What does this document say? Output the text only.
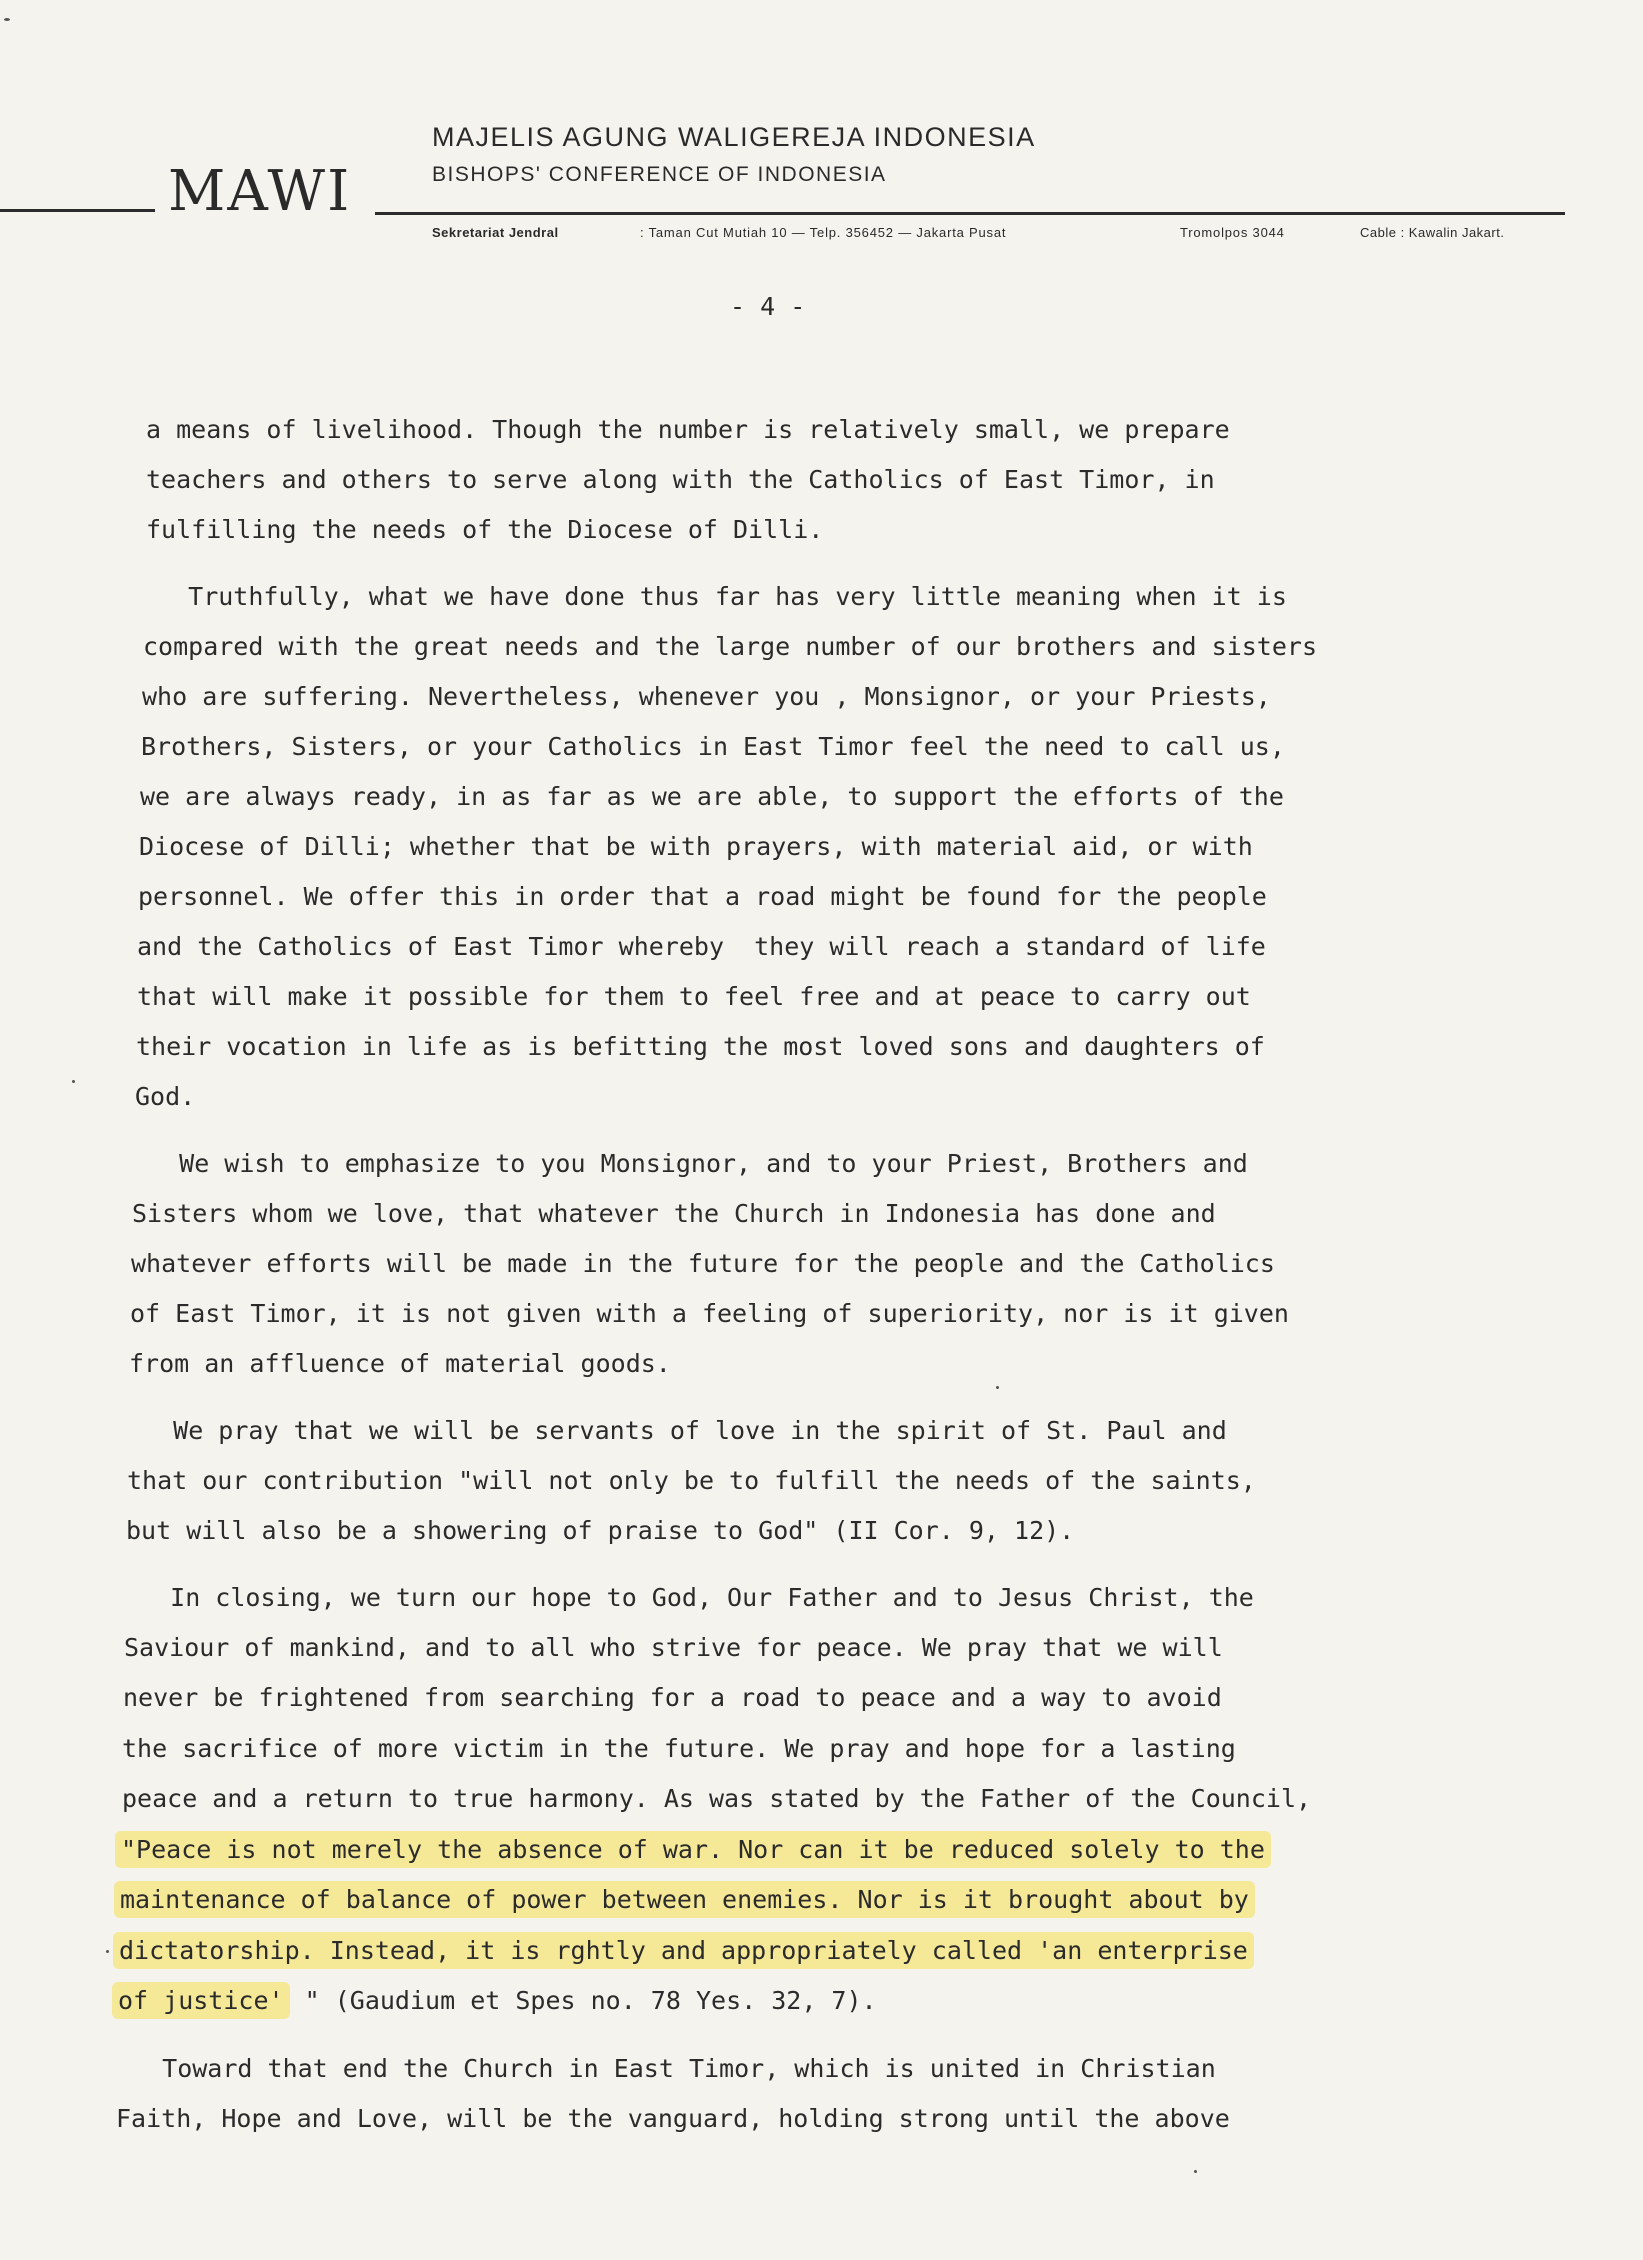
MAWI
MAJELIS AGUNG WALIGEREJA INDONESIA
BISHOPS' CONFERENCE OF INDONESIA
Sekretariat Jendral	: Taman Cut Mutiah 10 — Telp. 356452 — Jakarta Pusat	Tromolpos 3044	Cable : Kawalin Jakart.
- 4 -
a means of livelihood. Though the number is relatively small, we prepare
teachers and others to serve along with the Catholics of East Timor, in
fulfilling the needs of the Diocese of Dilli.
Truthfully, what we have done thus far has very little meaning when it is
compared with the great needs and the large number of our brothers and sisters
who are suffering. Nevertheless, whenever you , Monsignor, or your Priests,
Brothers, Sisters, or your Catholics in East Timor feel the need to call us,
we are always ready, in as far as we are able, to support the efforts of the
Diocese of Dilli; whether that be with prayers, with material aid, or with
personnel. We offer this in order that a road might be found for the people
and the Catholics of East Timor whereby  they will reach a standard of life
that will make it possible for them to feel free and at peace to carry out
their vocation in life as is befitting the most loved sons and daughters of
God.
We wish to emphasize to you Monsignor, and to your Priest, Brothers and
Sisters whom we love, that whatever the Church in Indonesia has done and
whatever efforts will be made in the future for the people and the Catholics
of East Timor, it is not given with a feeling of superiority, nor is it given
from an affluence of material goods.
We pray that we will be servants of love in the spirit of St. Paul and
that our contribution "will not only be to fulfill the needs of the saints,
but will also be a showering of praise to God" (II Cor. 9, 12).
In closing, we turn our hope to God, Our Father and to Jesus Christ, the
Saviour of mankind, and to all who strive for peace. We pray that we will
never be frightened from searching for a road to peace and a way to avoid
the sacrifice of more victim in the future. We pray and hope for a lasting
peace and a return to true harmony. As was stated by the Father of the Council,
"Peace is not merely the absence of war. Nor can it be reduced solely to the
maintenance of balance of power between enemies. Nor is it brought about by
dictatorship. Instead, it is rghtly and appropriately called 'an enterprise
of justice' " (Gaudium et Spes no. 78 Yes. 32, 7).
Toward that end the Church in East Timor, which is united in Christian
Faith, Hope and Love, will be the vanguard, holding strong until the above
